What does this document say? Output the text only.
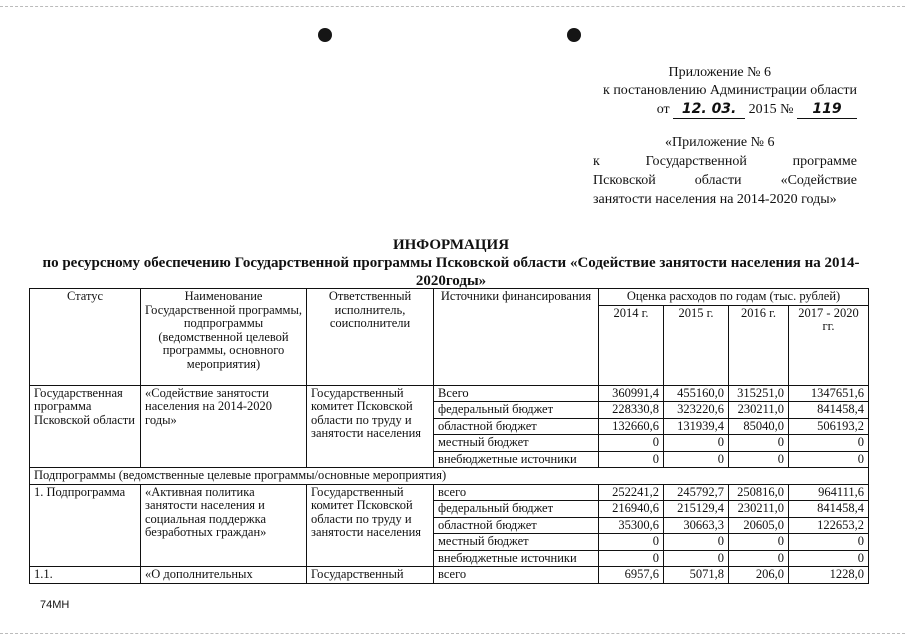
Приложение № 6
к постановлению Администрации области
от 12. 03. 2015 № 119
«Приложение № 6
к	Государственной	программе
Псковской	области	«Содействие
занятости населения на 2014-2020 годы»
ИНФОРМАЦИЯ
по ресурсному обеспечению Государственной программы Псковской области «Содействие занятости населения на 2014-2020годы»
Статус	Наименование Государственной программы, подпрограммы (ведомственной целевой программы, основного мероприятия)	Ответственный исполнитель, соисполнители	Источники финансирования	Оценка расходов по годам (тыс. рублей)			
				2014 г.	2015 г.	2016 г.	2017 - 2020 гг.
Государственная программа Псковской области	«Содействие занятости населения на 2014-2020 годы»	Государственный комитет Псковской области по труду и занятости населения	Всего	360991,4	455160,0	315251,0	1347651,6
			федеральный бюджет	228330,8	323220,6	230211,0	841458,4
			областной бюджет	132660,6	131939,4	85040,0	506193,2
			местный бюджет	0	0	0	0
			внебюджетные источники	0	0	0	0
Подпрограммы (ведомственные целевые программы/основные мероприятия)							
1. Подпрограмма	«Активная политика занятости населения и социальная поддержка безработных граждан»	Государственный комитет Псковской области по труду и занятости населения	всего	252241,2	245792,7	250816,0	964111,6
			федеральный бюджет	216940,6	215129,4	230211,0	841458,4
			областной бюджет	35300,6	30663,3	20605,0	122653,2
			местный бюджет	0	0	0	0
			внебюджетные источники	0	0	0	0
1.1.	«О дополнительных	Государственный	всего	6957,6	5071,8	206,0	1228,0
74МН
